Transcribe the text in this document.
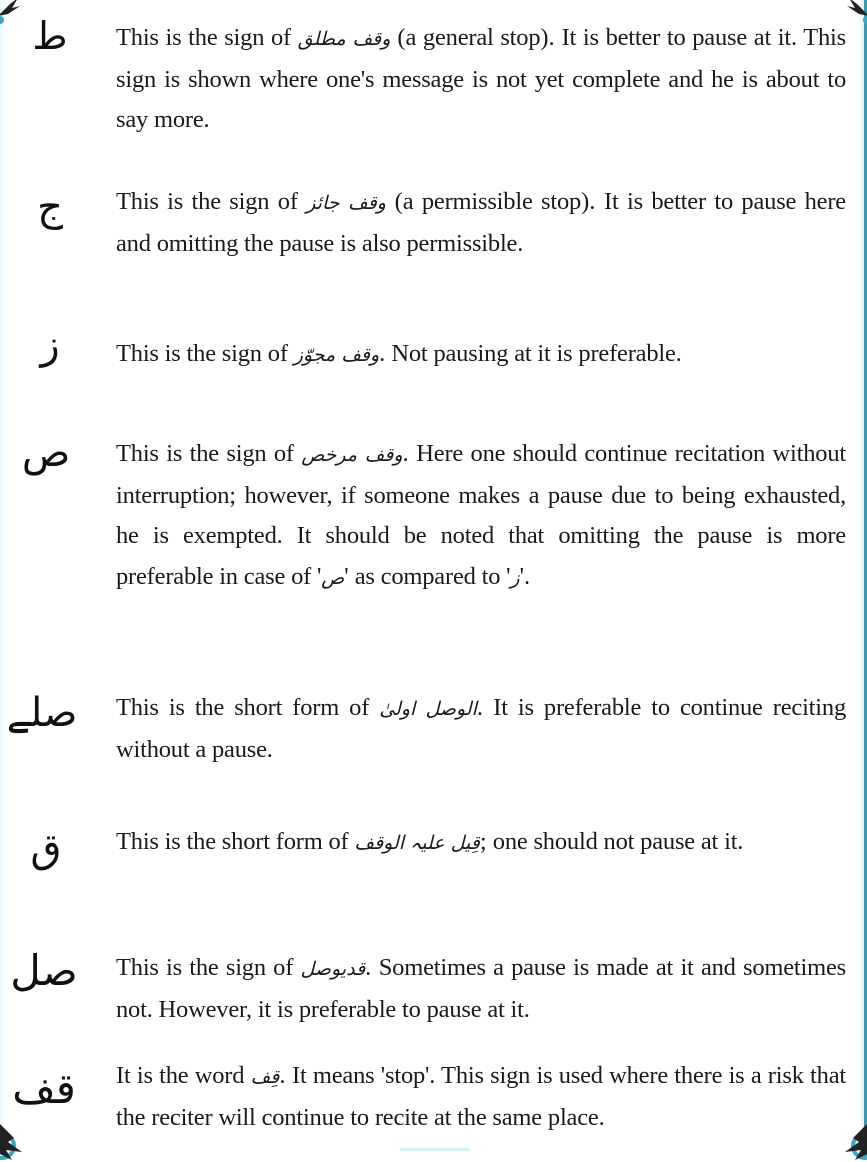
ط	This is the sign of وقف مطلق (a general stop). It is better to pause at it. This sign is shown where one's message is not yet complete and he is about to say more.
ج	This is the sign of وقف جائز (a permissible stop). It is better to pause here and omitting the pause is also permissible.
ز	This is the sign of وقف مجوّز. Not pausing at it is preferable.
ص	This is the sign of وقف مرخص. Here one should continue recitation without interruption; however, if someone makes a pause due to being exhausted, he is exempted. It should be noted that omitting the pause is more preferable in case of 'ص' as compared to 'ز'.
صلے	This is the short form of الوصل اولیٰ. It is preferable to continue reciting without a pause.
ق	This is the short form of قِیل علیہ الوقف; one should not pause at it.
صل	This is the sign of قدیوصل. Sometimes a pause is made at it and sometimes not. However, it is preferable to pause at it.
قف	It is the word قِف. It means 'stop'. This sign is used where there is a risk that the reciter will continue to recite at the same place.
